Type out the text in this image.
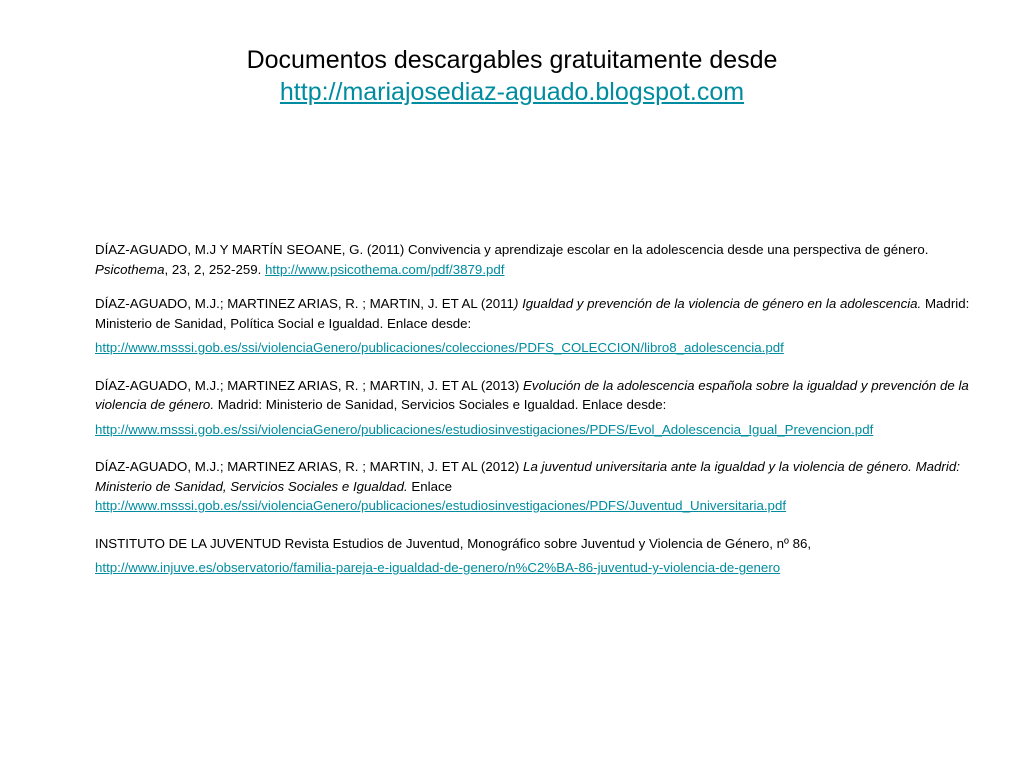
Documentos descargables gratuitamente desde
http://mariajosediaz-aguado.blogspot.com
DÍAZ-AGUADO, M.J Y MARTÍN SEOANE, G. (2011) Convivencia y aprendizaje escolar en la adolescencia desde una perspectiva de género. Psicothema, 23, 2, 252-259. http://www.psicothema.com/pdf/3879.pdf
DÍAZ-AGUADO, M.J.; MARTINEZ ARIAS, R. ; MARTIN, J. ET AL (2011) Igualdad y prevención de la violencia de género en la adolescencia. Madrid: Ministerio de Sanidad, Política Social e Igualdad. Enlace desde:
http://www.msssi.gob.es/ssi/violenciaGenero/publicaciones/colecciones/PDFS_COLECCION/libro8_adolescencia.pdf
DÍAZ-AGUADO, M.J.; MARTINEZ ARIAS, R. ; MARTIN, J. ET AL (2013) Evolución de la adolescencia española sobre la igualdad y prevención de la violencia de género. Madrid: Ministerio de Sanidad, Servicios Sociales e Igualdad. Enlace desde:
http://www.msssi.gob.es/ssi/violenciaGenero/publicaciones/estudiosinvestigaciones/PDFS/Evol_Adolescencia_Igual_Prevencion.pdf
DÍAZ-AGUADO, M.J.; MARTINEZ ARIAS, R. ; MARTIN, J. ET AL (2012) La juventud universitaria ante la igualdad y la violencia de género. Madrid: Ministerio de Sanidad, Servicios Sociales e Igualdad. Enlace
http://www.msssi.gob.es/ssi/violenciaGenero/publicaciones/estudiosinvestigaciones/PDFS/Juventud_Universitaria.pdf
INSTITUTO DE LA JUVENTUD Revista Estudios de Juventud, Monográfico sobre Juventud y Violencia de Género, nº 86,
http://www.injuve.es/observatorio/familia-pareja-e-igualdad-de-genero/n%C2%BA-86-juventud-y-violencia-de-genero
